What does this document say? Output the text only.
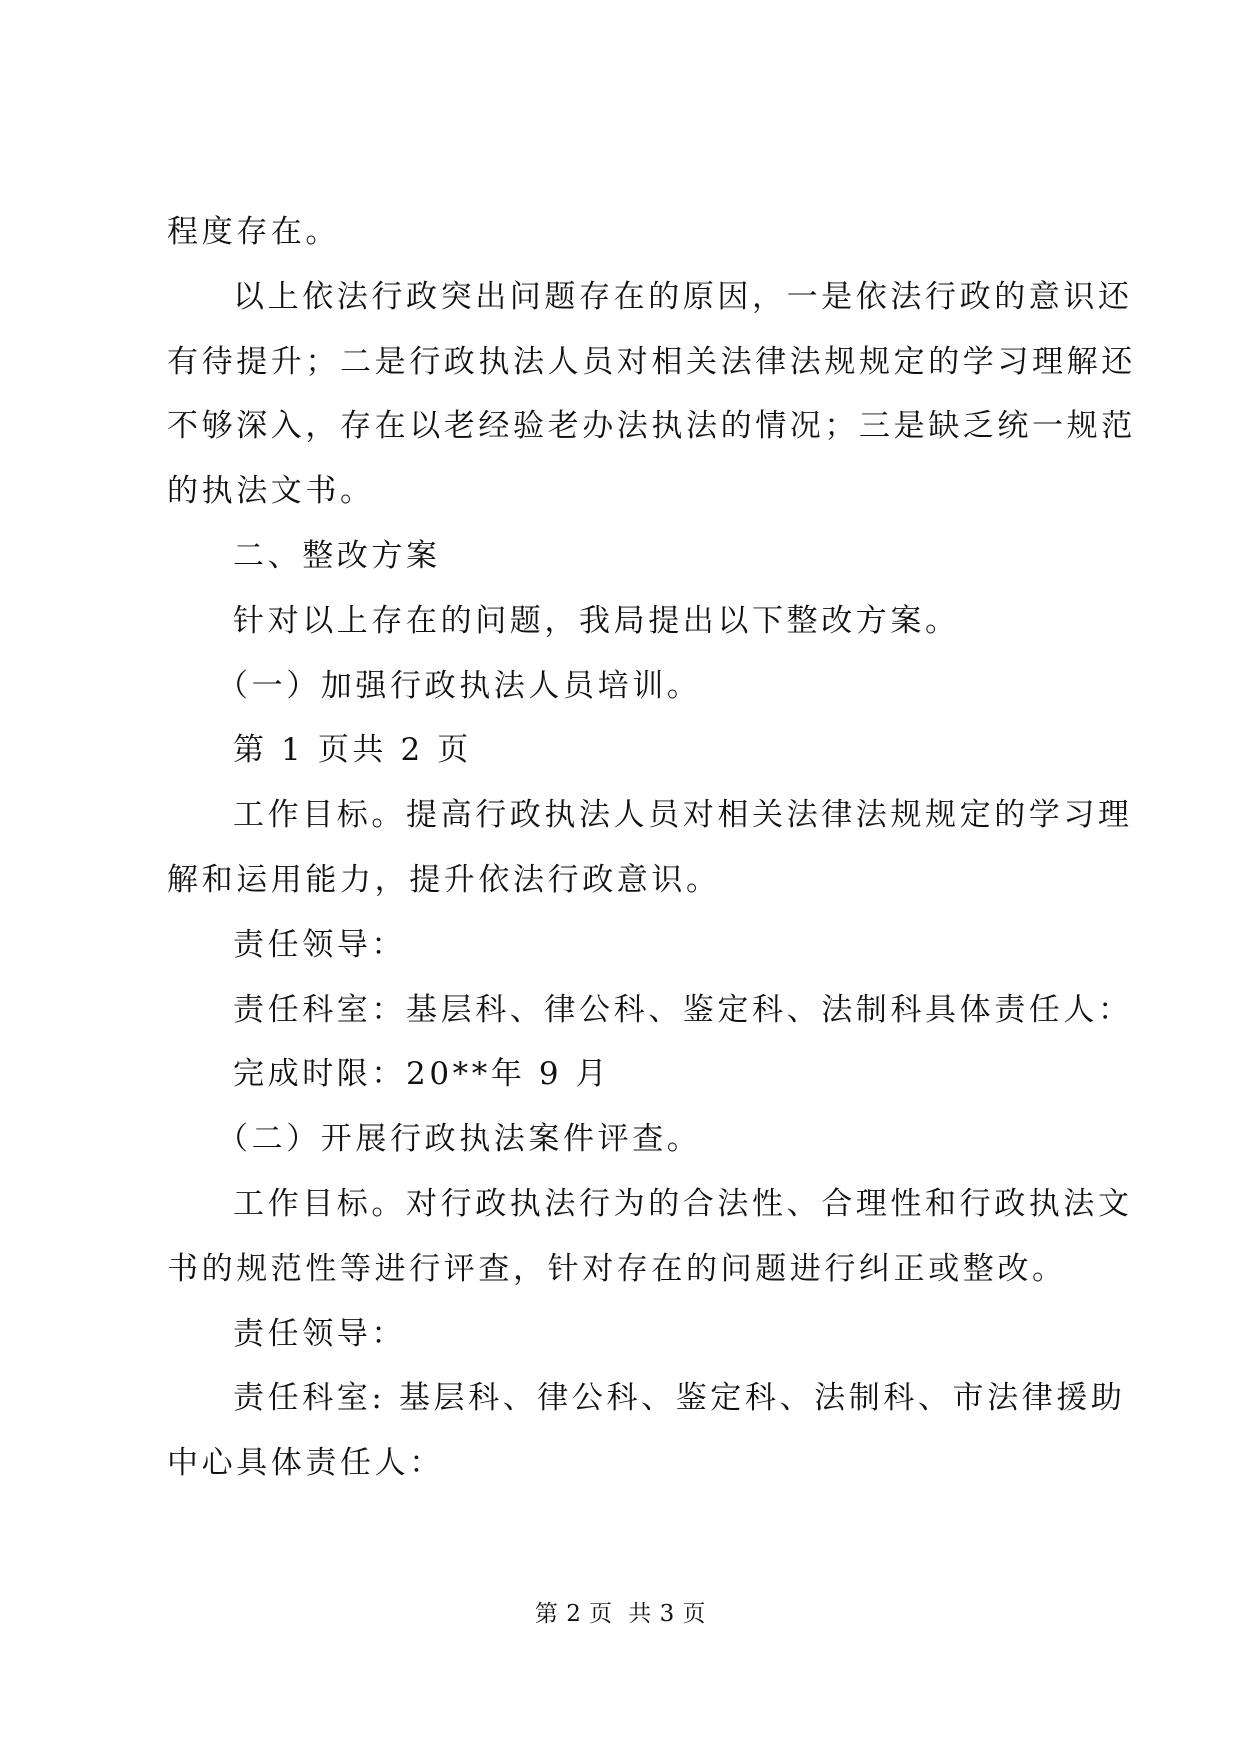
程度存在。
以上依法行政突出问题存在的原因，一是依法行政的意识还
有待提升；二是行政执法人员对相关法律法规规定的学习理解还
不够深入，存在以老经验老办法执法的情况；三是缺乏统一规范
的执法文书。
二、整改方案
针对以上存在的问题，我局提出以下整改方案。
（一）加强行政执法人员培训。
第 1 页共 2 页
工作目标。提高行政执法人员对相关法律法规规定的学习理
解和运用能力，提升依法行政意识。
责任领导：
责任科室：基层科、律公科、鉴定科、法制科具体责任人：
完成时限：20**年 9 月
（二）开展行政执法案件评查。
工作目标。对行政执法行为的合法性、合理性和行政执法文
书的规范性等进行评查，针对存在的问题进行纠正或整改。
责任领导：
责任科室: 基层科、律公科、鉴定科、法制科、市法律援助
中心具体责任人：
第 2 页  共 3 页
